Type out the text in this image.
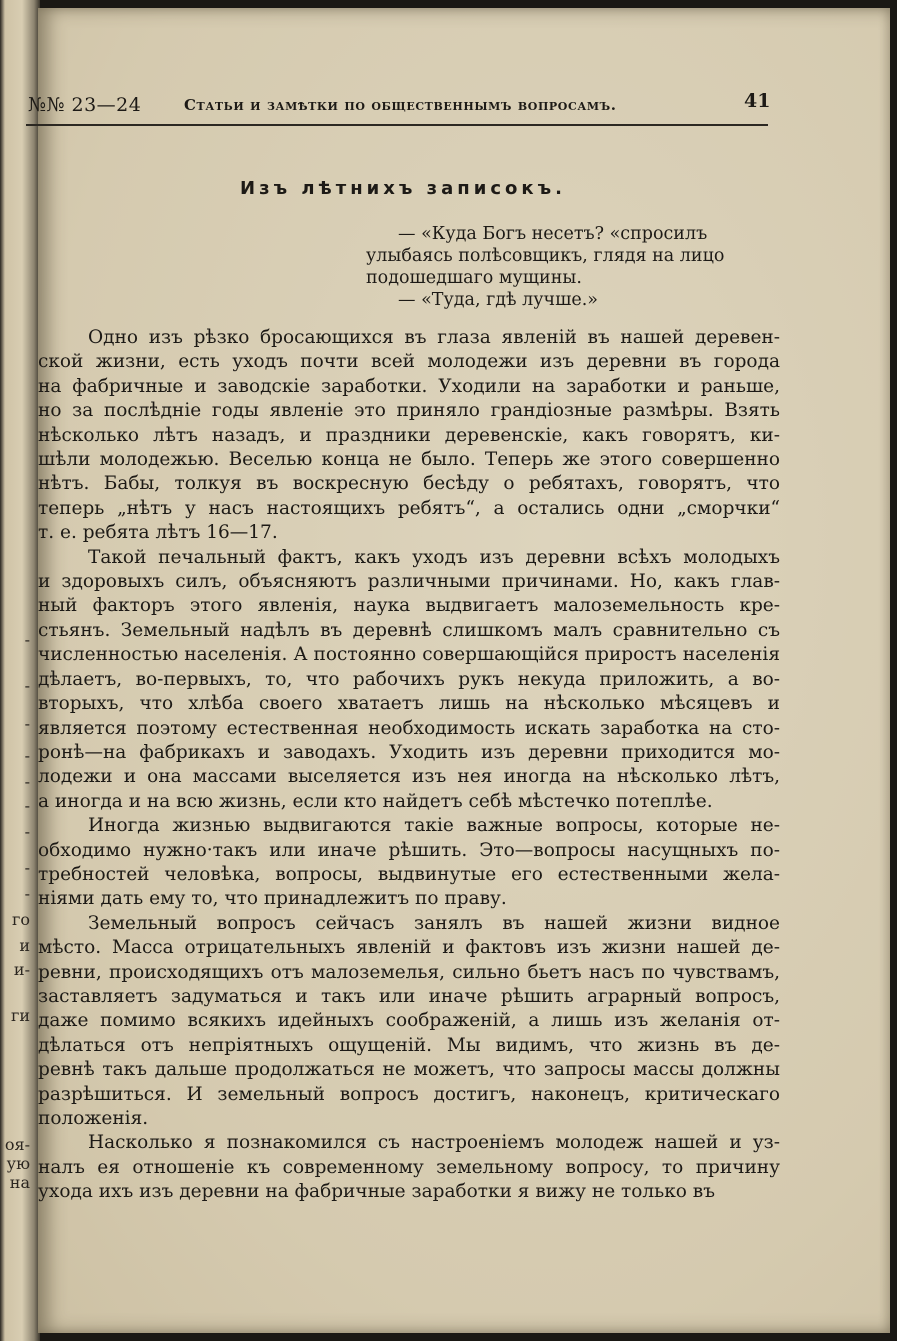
-
-
-
-
-
-
-
-
-
го
и
и-
ги
оя-
ую
на
№№ 23—24	Статьи и замѣтки по общественнымъ вопросамъ.	41
Изъ лѣтнихъ записокъ.
— «Куда Богъ несетъ? «спросилъ
улыбаясь полѣсовщикъ, глядя на лицо
подошедшаго мущины.
— «Туда, гдѣ лучше.»
Одно изъ рѣзко бросающихся въ глаза явленій въ нашей деревен-
ской жизни, есть уходъ почти всей молодежи изъ деревни въ города
на фабричные и заводскіе заработки. Уходили на заработки и раньше,
но за послѣдніе годы явленіе это приняло грандіозные размѣры. Взять
нѣсколько лѣтъ назадъ, и праздники деревенскіе, какъ говорятъ, ки-
шѣли молодежью. Веселью конца не было. Теперь же этого совершенно
нѣтъ. Бабы, толкуя въ воскресную бесѣду о ребятахъ, говорятъ, что
теперь „нѣтъ у насъ настоящихъ ребятъ“, а остались одни „сморчки“
т. е. ребята лѣтъ 16—17.
Такой печальный фактъ, какъ уходъ изъ деревни всѣхъ молодыхъ
и здоровыхъ силъ, объясняютъ различными причинами. Но, какъ глав-
ный факторъ этого явленія, наука выдвигаетъ малоземельность кре-
стьянъ. Земельный надѣлъ въ деревнѣ слишкомъ малъ сравнительно съ
численностью населенія. А постоянно совершающійся приростъ населенія
дѣлаетъ, во-первыхъ, то, что рабочихъ рукъ некуда приложить, а во-
вторыхъ, что хлѣба своего хватаетъ лишь на нѣсколько мѣсяцевъ и
является поэтому естественная необходимость искать заработка на сто-
ронѣ—на фабрикахъ и заводахъ. Уходить изъ деревни приходится мо-
лодежи и она массами выселяется изъ нея иногда на нѣсколько лѣтъ,
а иногда и на всю жизнь, если кто найдетъ себѣ мѣстечко потеплѣе.
Иногда жизнью выдвигаются такіе важные вопросы, которые не-
обходимо нужно·такъ или иначе рѣшить. Это—вопросы насущныхъ по-
требностей человѣка, вопросы, выдвинутые его естественными жела-
ніями дать ему то, что принадлежитъ по праву.
Земельный вопросъ сейчасъ занялъ въ нашей жизни видное
мѣсто. Масса отрицательныхъ явленій и фактовъ изъ жизни нашей де-
ревни, происходящихъ отъ малоземелья, сильно бьетъ насъ по чувствамъ,
заставляетъ задуматься и такъ или иначе рѣшить аграрный вопросъ,
даже помимо всякихъ идейныхъ соображеній, а лишь изъ желанія от-
дѣлаться отъ непріятныхъ ощущеній. Мы видимъ, что жизнь въ де-
ревнѣ такъ дальше продолжаться не можетъ, что запросы массы должны
разрѣшиться. И земельный вопросъ достигъ, наконецъ, критическаго
положенія.
Насколько я познакомился съ настроеніемъ молодеж нашей и уз-
налъ ея отношеніе къ современному земельному вопросу, то причину
ухода ихъ изъ деревни на фабричные заработки я вижу не только въ
